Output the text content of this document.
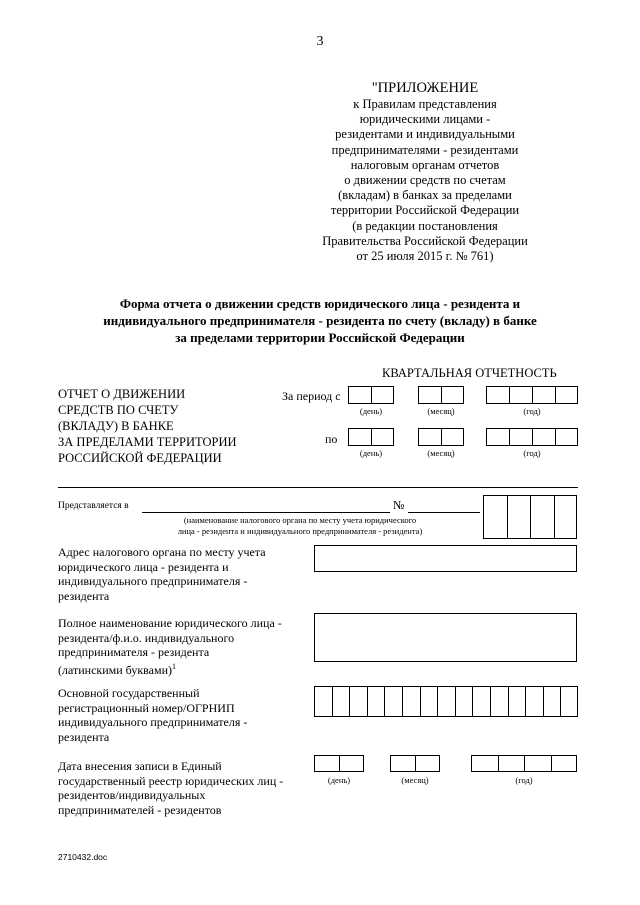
3
"ПРИЛОЖЕНИЕ
к Правилам представления
юридическими лицами -
резидентами и индивидуальными
предпринимателями - резидентами
налоговым органам отчетов
о движении средств по счетам
(вкладам) в банках за пределами
территории Российской Федерации
(в редакции постановления
Правительства Российской Федерации
от 25 июля 2015 г. № 761)
Форма отчета о движении средств юридического лица - резидента и
индивидуального предпринимателя - резидента по счету (вкладу) в банке
за пределами территории Российской Федерации
КВАРТАЛЬНАЯ ОТЧЕТНОСТЬ
ОТЧЕТ О ДВИЖЕНИИ
СРЕДСТВ ПО СЧЕТУ
(ВКЛАДУ) В БАНКЕ
ЗА ПРЕДЕЛАМИ ТЕРРИТОРИИ
РОССИЙСКОЙ ФЕДЕРАЦИИ
За период с
(день)	(месяц)	(год)
по
(день)	(месяц)	(год)
Представляется в	№
(наименование налогового органа по месту учета юридического
лица - резидента и индивидуального предпринимателя - резидента)
Адрес налогового органа по месту учета
юридического лица - резидента и
индивидуального предпринимателя -
резидента
Полное наименование юридического лица -
резидента/ф.и.о. индивидуального
предпринимателя - резидента
(латинскими буквами)$^1$
Основной государственный
регистрационный номер/ОГРНИП
индивидуального предпринимателя -
резидента
Дата внесения записи в Единый
государственный реестр юридических лиц -
резидентов/индивидуальных
предпринимателей - резидентов
(день)	(месяц)	(год)
2710432.doc
